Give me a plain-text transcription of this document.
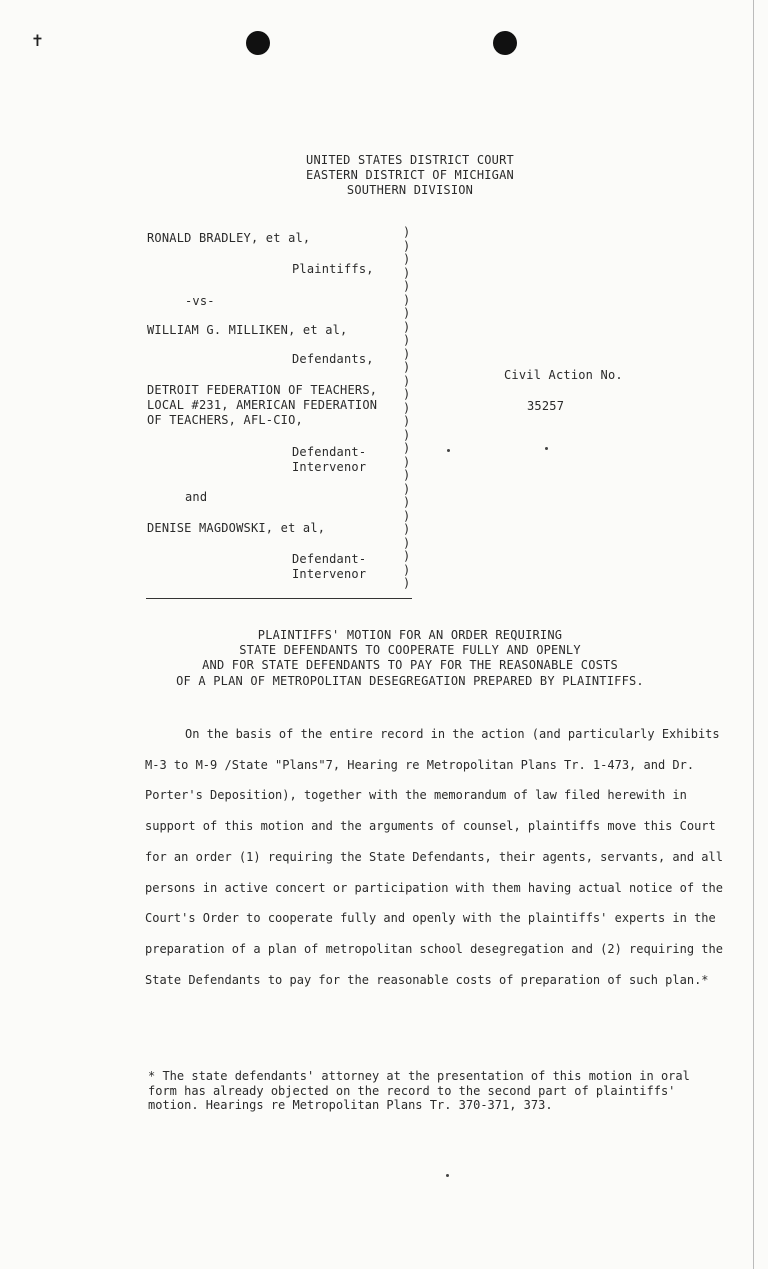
✝
UNITED STATES DISTRICT COURT
EASTERN DISTRICT OF MICHIGAN
SOUTHERN DIVISION
RONALD BRADLEY, et al,
Plaintiffs,
-vs-
WILLIAM G. MILLIKEN, et al,
Defendants,
DETROIT FEDERATION OF TEACHERS,
LOCAL #231, AMERICAN FEDERATION
OF TEACHERS, AFL-CIO,
Defendant-
Intervenor
and
DENISE MAGDOWSKI, et al,
Defendant-
Intervenor
)
)
)
)
)
)
)
)
)
)
)
)
)
)
)
)
)
)
)
)
)
)
)
)
)
)
)
Civil Action No.
35257
PLAINTIFFS' MOTION FOR AN ORDER REQUIRING
STATE DEFENDANTS TO COOPERATE FULLY AND OPENLY
AND FOR STATE DEFENDANTS TO PAY FOR THE REASONABLE COSTS
OF A PLAN OF METROPOLITAN DESEGREGATION PREPARED BY PLAINTIFFS.

On the basis of the entire record in the action (and particularly Exhibits M-3 to M-9 /State "Plans"7, Hearing re Metropolitan Plans Tr. 1-473, and Dr. Porter's Deposition), together with the memorandum of law filed herewith in support of this motion and the arguments of counsel, plaintiffs move this Court for an order (1) requiring the State Defendants, their agents, servants, and all persons in active concert or participation with them having actual notice of the Court's Order to cooperate fully and openly with the plaintiffs' experts in the preparation of a plan of metropolitan school desegregation and (2) requiring the State Defendants to pay for the reasonable costs of preparation of such plan.*

* The state defendants' attorney at the presentation of this motion in oral form has already objected on the record to the second part of plaintiffs' motion. Hearings re Metropolitan Plans Tr. 370-371, 373.
